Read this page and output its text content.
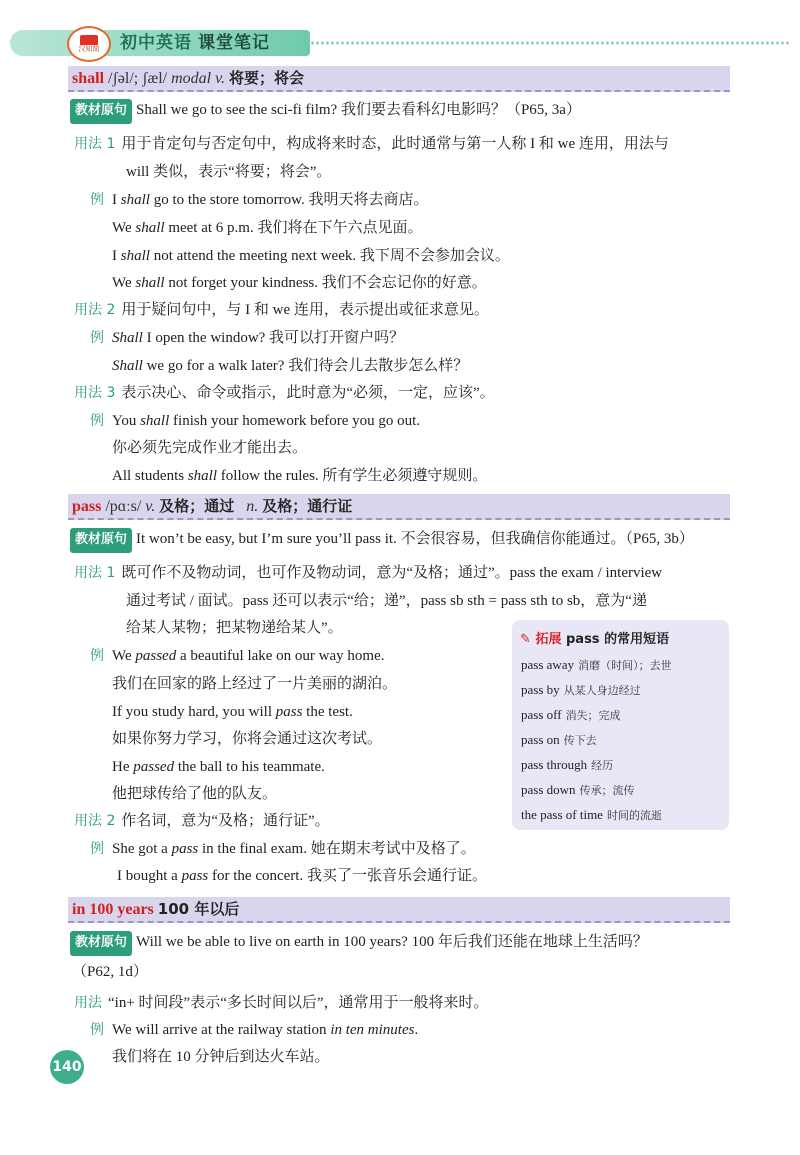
汉知简 初中英语 课堂笔记
shall /ʃəl/; ʃæl/ modal v. 将要；将会
教材原句 Shall we go to see the sci-fi film? 我们要去看科幻电影吗？（P65, 3a）
用法 1 用于肯定句与否定句中，构成将来时态，此时通常与第一人称 I 和 we 连用，用法与
will 类似，表示“将要；将会”。
例 I shall go to the store tomorrow. 我明天将去商店。
We shall meet at 6 p.m. 我们将在下午六点见面。
I shall not attend the meeting next week. 我下周不会参加会议。
We shall not forget your kindness. 我们不会忘记你的好意。
用法 2 用于疑问句中，与 I 和 we 连用，表示提出或征求意见。
例 Shall I open the window? 我可以打开窗户吗？
Shall we go for a walk later? 我们待会儿去散步怎么样？
用法 3 表示决心、命令或指示，此时意为“必须，一定，应该”。
例 You shall finish your homework before you go out.
你必须先完成作业才能出去。
All students shall follow the rules. 所有学生必须遵守规则。
pass /pɑːs/ v. 及格；通过 n. 及格；通行证
教材原句 It won’t be easy, but I’m sure you’ll pass it. 不会很容易，但我确信你能通过。（P65, 3b）
用法 1 既可作不及物动词，也可作及物动词，意为“及格；通过”。pass the exam / interview
通过考试 / 面试。pass 还可以表示“给；递”，pass sb sth = pass sth to sb，意为“递
给某人某物；把某物递给某人”。
例 We passed a beautiful lake on our way home.
我们在回家的路上经过了一片美丽的湖泊。
If you study hard, you will pass the test.
如果你努力学习，你将会通过这次考试。
He passed the ball to his teammate.
他把球传给了他的队友。
用法 2 作名词，意为“及格；通行证”。
例 She got a pass in the final exam. 她在期末考试中及格了。
I bought a pass for the concert. 我买了一张音乐会通行证。
✎ 拓展 pass 的常用短语
pass away 消磨（时间）；去世
pass by 从某人身边经过
pass off 消失；完成
pass on 传下去
pass through 经历
pass down 传承；流传
the pass of time 时间的流逝
in 100 years 100 年以后
教材原句 Will we be able to live on earth in 100 years? 100 年后我们还能在地球上生活吗？
（P62, 1d）
用法 “in+ 时间段”表示“多长时间以后”，通常用于一般将来时。
例 We will arrive at the railway station in ten minutes.
我们将在 10 分钟后到达火车站。
140
